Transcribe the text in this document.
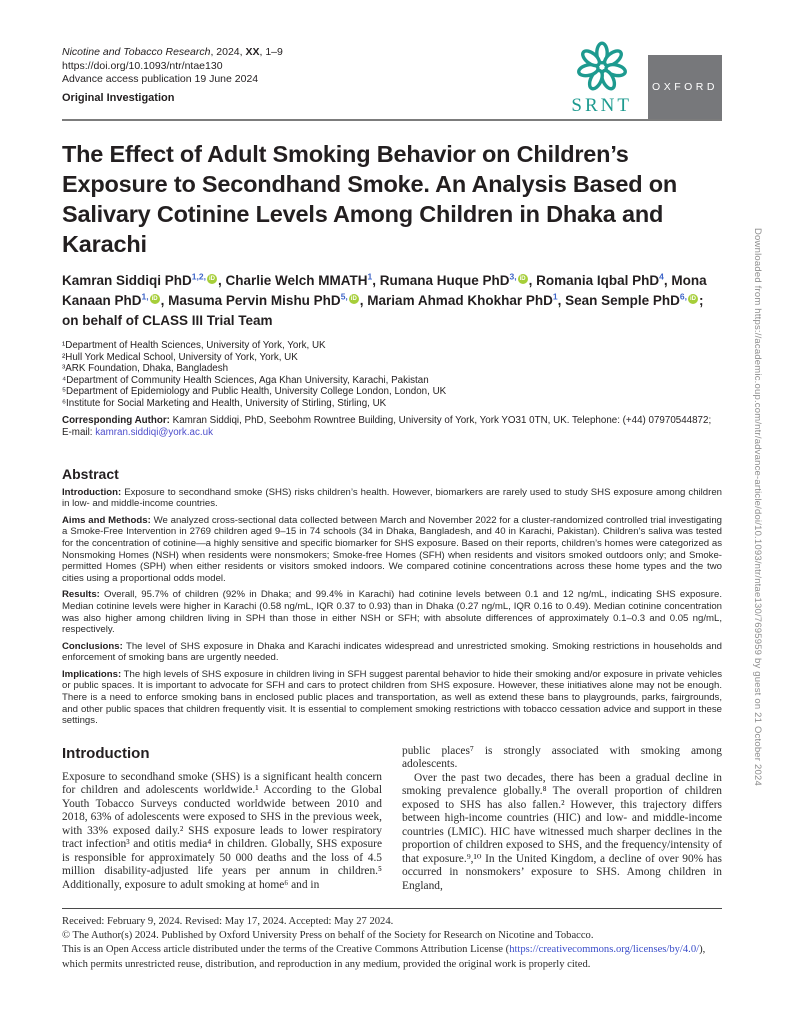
Nicotine and Tobacco Research, 2024, XX, 1–9
https://doi.org/10.1093/ntr/ntae130
Advance access publication 19 June 2024
Original Investigation	SRNT
OXFORD
The Effect of Adult Smoking Behavior on Children’s Exposure to Secondhand Smoke. An Analysis Based on Salivary Cotinine Levels Among Children in Dhaka and Karachi
Kamran Siddiqi PhD$^{1,2,}$ iD , Charlie Welch MMATH$^1$, Rumana Huque PhD$^{3,}$ iD , Romania Iqbal PhD$^4$, Mona Kanaan PhD$^{1,}$ iD , Masuma Pervin Mishu PhD$^{5,}$ iD , Mariam Ahmad Khokhar PhD$^1$, Sean Semple PhD$^{6,}$ iD ; on behalf of CLASS III Trial Team
¹Department of Health Sciences, University of York, York, UK
²Hull York Medical School, University of York, York, UK
³ARK Foundation, Dhaka, Bangladesh
⁴Department of Community Health Sciences, Aga Khan University, Karachi, Pakistan
⁵Department of Epidemiology and Public Health, University College London, London, UK
⁶Institute for Social Marketing and Health, University of Stirling, Stirling, UK
Corresponding Author: Kamran Siddiqi, PhD, Seebohm Rowntree Building, University of York, York YO31 0TN, UK. Telephone: (+44) 07970544872; E-mail: kamran.siddiqi@york.ac.uk
Abstract

Introduction: Exposure to secondhand smoke (SHS) risks children’s health. However, biomarkers are rarely used to study SHS exposure among children in low- and middle-income countries.

Aims and Methods: We analyzed cross-sectional data collected between March and November 2022 for a cluster-randomized controlled trial investigating a Smoke-Free Intervention in 2769 children aged 9–15 in 74 schools (34 in Dhaka, Bangladesh, and 40 in Karachi, Pakistan). Children’s saliva was tested for the concentration of cotinine—a highly sensitive and specific biomarker for SHS exposure. Based on their reports, children’s homes were categorized as Nonsmoking Homes (NSH) when residents were nonsmokers; Smoke-free Homes (SFH) when residents and visitors smoked outdoors only; and Smoke-permitted Homes (SPH) when either residents or visitors smoked indoors. We compared cotinine concentrations across these home types and the two cities using a proportional odds model.

Results: Overall, 95.7% of children (92% in Dhaka; and 99.4% in Karachi) had cotinine levels between 0.1 and 12 ng/mL, indicating SHS exposure. Median cotinine levels were higher in Karachi (0.58 ng/mL, IQR 0.37 to 0.93) than in Dhaka (0.27 ng/mL, IQR 0.16 to 0.49). Median cotinine concentration was also higher among children living in SPH than those in either NSH or SFH; with absolute differences of approximately 0.1–0.3 and 0.05 ng/mL, respectively.

Conclusions: The level of SHS exposure in Dhaka and Karachi indicates widespread and unrestricted smoking. Smoking restrictions in households and enforcement of smoking bans are urgently needed.

Implications: The high levels of SHS exposure in children living in SFH suggest parental behavior to hide their smoking and/or exposure in private vehicles or public spaces. It is important to advocate for SFH and cars to protect children from SHS exposure. However, these initiatives alone may not be enough. There is a need to enforce smoking bans in enclosed public places and transportation, as well as extend these bans to playgrounds, parks, fairgrounds, and other public spaces that children frequently visit. It is essential to complement smoking restrictions with tobacco cessation advice and support in these settings.

Introduction

Exposure to secondhand smoke (SHS) is a significant health concern for children and adolescents worldwide.¹ According to the Global Youth Tobacco Surveys conducted worldwide between 2010 and 2018, 63% of adolescents were exposed to SHS in the previous week, with 33% exposed daily.² SHS exposure leads to lower respiratory tract infection³ and otitis media⁴ in children. Globally, SHS exposure is responsible for approximately 50 000 deaths and the loss of 4.5 million disability-adjusted life years per annum in children.⁵ Additionally, exposure to adult smoking at home⁶ and in

public places⁷ is strongly associated with smoking among adolescents.

Over the past two decades, there has been a gradual decline in smoking prevalence globally.⁸ The overall proportion of children exposed to SHS has also fallen.² However, this trajectory differs between high-income countries (HIC) and low- and middle-income countries (LMIC). HIC have witnessed much sharper declines in the proportion of children exposed to SHS, and the frequency/intensity of that exposure.⁹,¹⁰ In the United Kingdom, a decline of over 90% has occurred in nonsmokers’ exposure to SHS. Among children in England,

Received: February 9, 2024. Revised: May 17, 2024. Accepted: May 27 2024.
© The Author(s) 2024. Published by Oxford University Press on behalf of the Society for Research on Nicotine and Tobacco.
This is an Open Access article distributed under the terms of the Creative Commons Attribution License (https://creativecommons.org/licenses/by/4.0/), which permits unrestricted reuse, distribution, and reproduction in any medium, provided the original work is properly cited.
Downloaded from https://academic.oup.com/ntr/advance-article/doi/10.1093/ntr/ntae130/7695959 by guest on 21 October 2024
